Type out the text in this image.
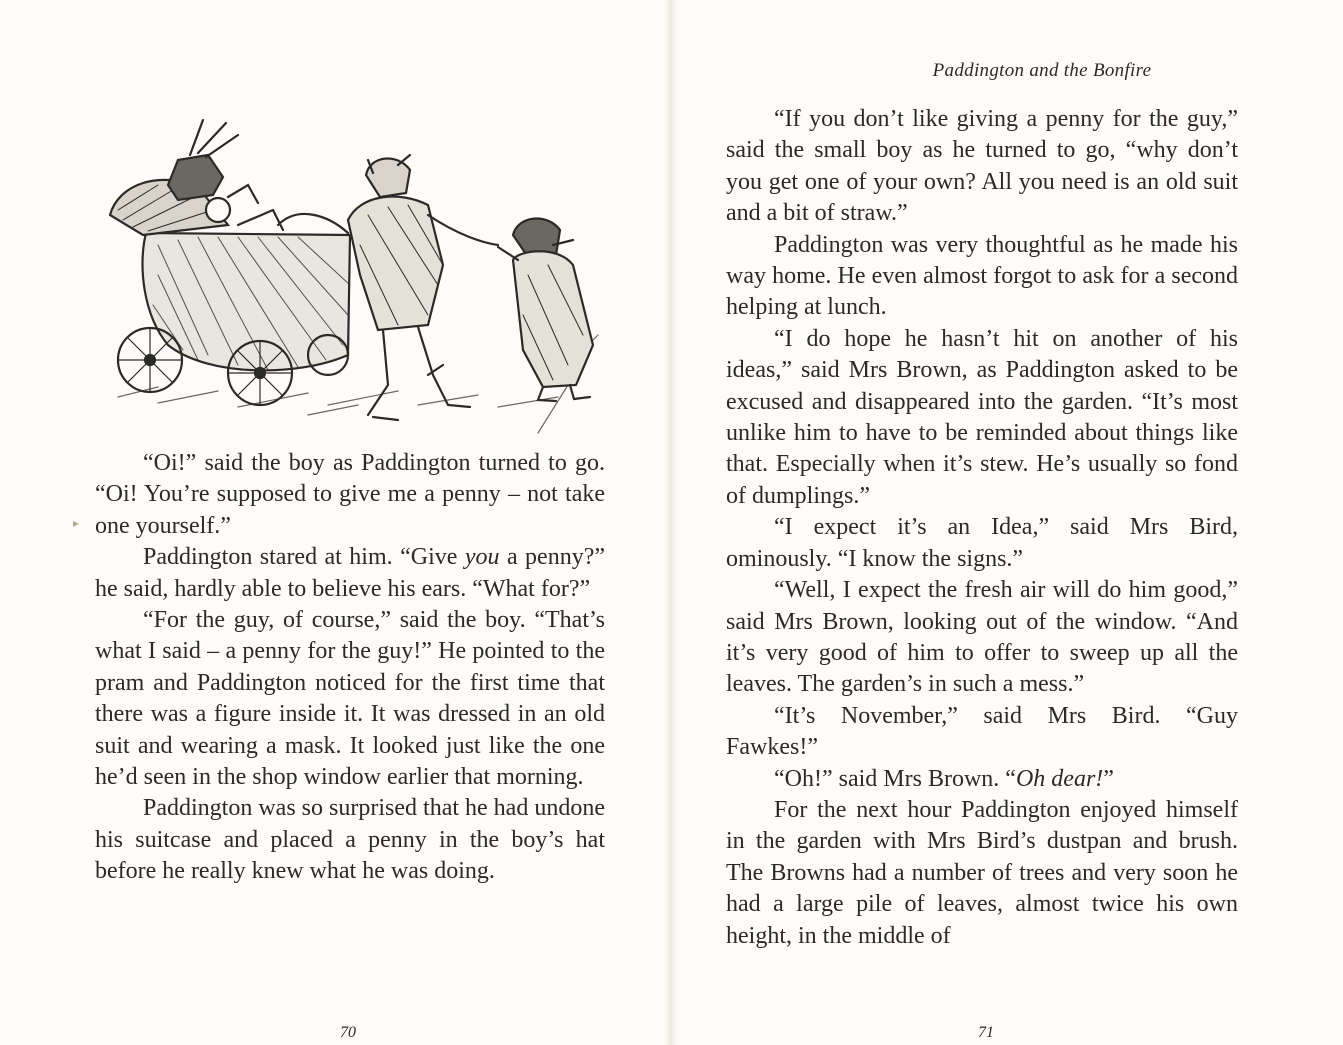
▸

“Oi!” said the boy as Paddington turned to go. “Oi! You’re supposed to give me a penny – not take one yourself.”

Paddington stared at him. “Give you a penny?” he said, hardly able to believe his ears. “What for?”

“For the guy, of course,” said the boy. “That’s what I said – a penny for the guy!” He pointed to the pram and Paddington noticed for the first time that there was a figure inside it. It was dressed in an old suit and wearing a mask. It looked just like the one he’d seen in the shop window earlier that morning.

Paddington was so surprised that he had undone his suitcase and placed a penny in the boy’s hat before he really knew what he was doing.

70
Paddington and the Bonfire

“If you don’t like giving a penny for the guy,” said the small boy as he turned to go, “why don’t you get one of your own? All you need is an old suit and a bit of straw.”

Paddington was very thoughtful as he made his way home. He even almost forgot to ask for a second helping at lunch.

“I do hope he hasn’t hit on another of his ideas,” said Mrs Brown, as Paddington asked to be excused and disappeared into the garden. “It’s most unlike him to have to be reminded about things like that. Especially when it’s stew. He’s usually so fond of dumplings.”

“I expect it’s an Idea,” said Mrs Bird, ominously. “I know the signs.”

“Well, I expect the fresh air will do him good,” said Mrs Brown, looking out of the window. “And it’s very good of him to offer to sweep up all the leaves. The garden’s in such a mess.”

“It’s November,” said Mrs Bird. “Guy Fawkes!”

“Oh!” said Mrs Brown. “Oh dear!”

For the next hour Paddington enjoyed himself in the garden with Mrs Bird’s dustpan and brush. The Browns had a number of trees and very soon he had a large pile of leaves, almost twice his own height, in the middle of

71
